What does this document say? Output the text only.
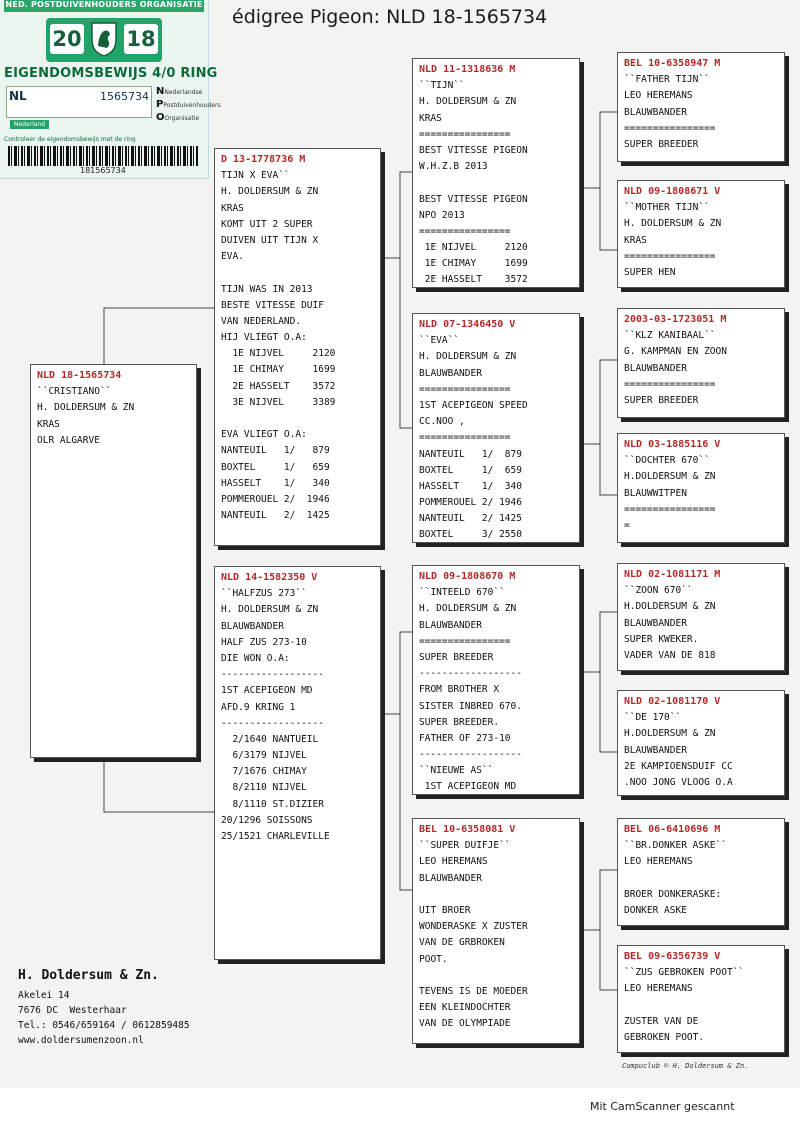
édigree Pigeon: NLD 18-1565734
NED. POSTDUIVENHOUDERS ORGANISATIE
20 18
EIGENDOMSBEWIJS 4/0 RING
NL	1565734
Nederland
NNederlandse
PPostduivenhouders
OOrganisatie
Controleer de eigendomsbewijs met de ring
181565734
NLD 18-1565734
``CRISTIANO``
H. DOLDERSUM & ZN
KRAS
OLR ALGARVE
D 13-1778736 M
TIJN X EVA``
H. DOLDERSUM & ZN
KRAS
KOMT UIT 2 SUPER
DUIVEN UIT TIJN X
EVA.
TIJN WAS IN 2013
BESTE VITESSE DUIF
VAN NEDERLAND.
HIJ VLIEGT O.A:
1E NIJVEL     2120
1E CHIMAY     1699
2E HASSELT    3572
3E NIJVEL     3389
EVA VLIEGT O.A:
NANTEUIL   1/   879
BOXTEL     1/   659
HASSELT    1/   340
POMMEROUEL 2/  1946
NANTEUIL   2/  1425
NLD 14-1582350 V
``HALFZUS 273``
H. DOLDERSUM & ZN
BLAUWBANDER
HALF ZUS 273-10
DIE WON O.A:
------------------
1ST ACEPIGEON MD
AFD.9 KRING 1
------------------
2/1640 NANTUEIL
6/3179 NIJVEL
7/1676 CHIMAY
8/2110 NIJVEL
8/1110 ST.DIZIER
20/1296 SOISSONS
25/1521 CHARLEVILLE
NLD 11-1318636 M
``TIJN``
H. DOLDERSUM & ZN
KRAS
================
BEST VITESSE PIGEON
W.H.Z.B 2013
BEST VITESSE PIGEON
NPO 2013
================
1E NIJVEL     2120
1E CHIMAY     1699
2E HASSELT    3572
NLD 07-1346450 V
``EVA``
H. DOLDERSUM & ZN
BLAUWBANDER
================
1ST ACEPIGEON SPEED
CC.NOO ,
================
NANTEUIL   1/  879
BOXTEL     1/  659
HASSELT    1/  340
POMMEROUEL 2/ 1946
NANTEUIL   2/ 1425
BOXTEL     3/ 2550
NLD 09-1808670 M
``INTEELD 670``
H. DOLDERSUM & ZN
BLAUWBANDER
================
SUPER BREEDER
------------------
FROM BROTHER X
SISTER INBRED 670.
SUPER BREEDER.
FATHER OF 273-10
------------------
``NIEUWE AS``
1ST ACEPIGEON MD
BEL 10-6358081 V
``SUPER DUIFJE``
LEO HEREMANS
BLAUWBANDER
UIT BROER
WONDERASKE X ZUSTER
VAN DE GRBROKEN
POOT.
TEVENS IS DE MOEDER
EEN KLEINDOCHTER
VAN DE OLYMPIADE
BEL 10-6358947 M
``FATHER TIJN``
LEO HEREMANS
BLAUWBANDER
================
SUPER BREEDER
NLD 09-1808671 V
``MOTHER TIJN``
H. DOLDERSUM & ZN
KRAS
================
SUPER HEN
2003-03-1723051 M
``KLZ KANIBAAL``
G. KAMPMAN EN ZOON
BLAUWBANDER
================
SUPER BREEDER
NLD 03-1885116 V
``DOCHTER 670``
H.DOLDERSUM & ZN
BLAUWWITPEN
================
=
NLD 02-1081171 M
``ZOON 670``
H.DOLDERSUM & ZN
BLAUWBANDER
SUPER KWEKER.
VADER VAN DE 818
NLD 02-1081170 V
``DE 170``
H.DOLDERSUM & ZN
BLAUWBANDER
2E KAMPIOENSDUIF CC
.NOO JONG VLOOG O.A
BEL 06-6410696 M
``BR.DONKER ASKE``
LEO HEREMANS
BROER DONKERASKE:
DONKER ASKE
BEL 09-6356739 V
``ZUS GEBROKEN POOT``
LEO HEREMANS
ZUSTER VAN DE
GEBROKEN POOT.
H. Doldersum & Zn.
Akelei 14
7676 DC  Westerhaar
Tel.: 0546/659164 / 0612859485
www.doldersumenzoon.nl
Compuclub © H. Doldersum & Zn.
Mit CamScanner gescannt
